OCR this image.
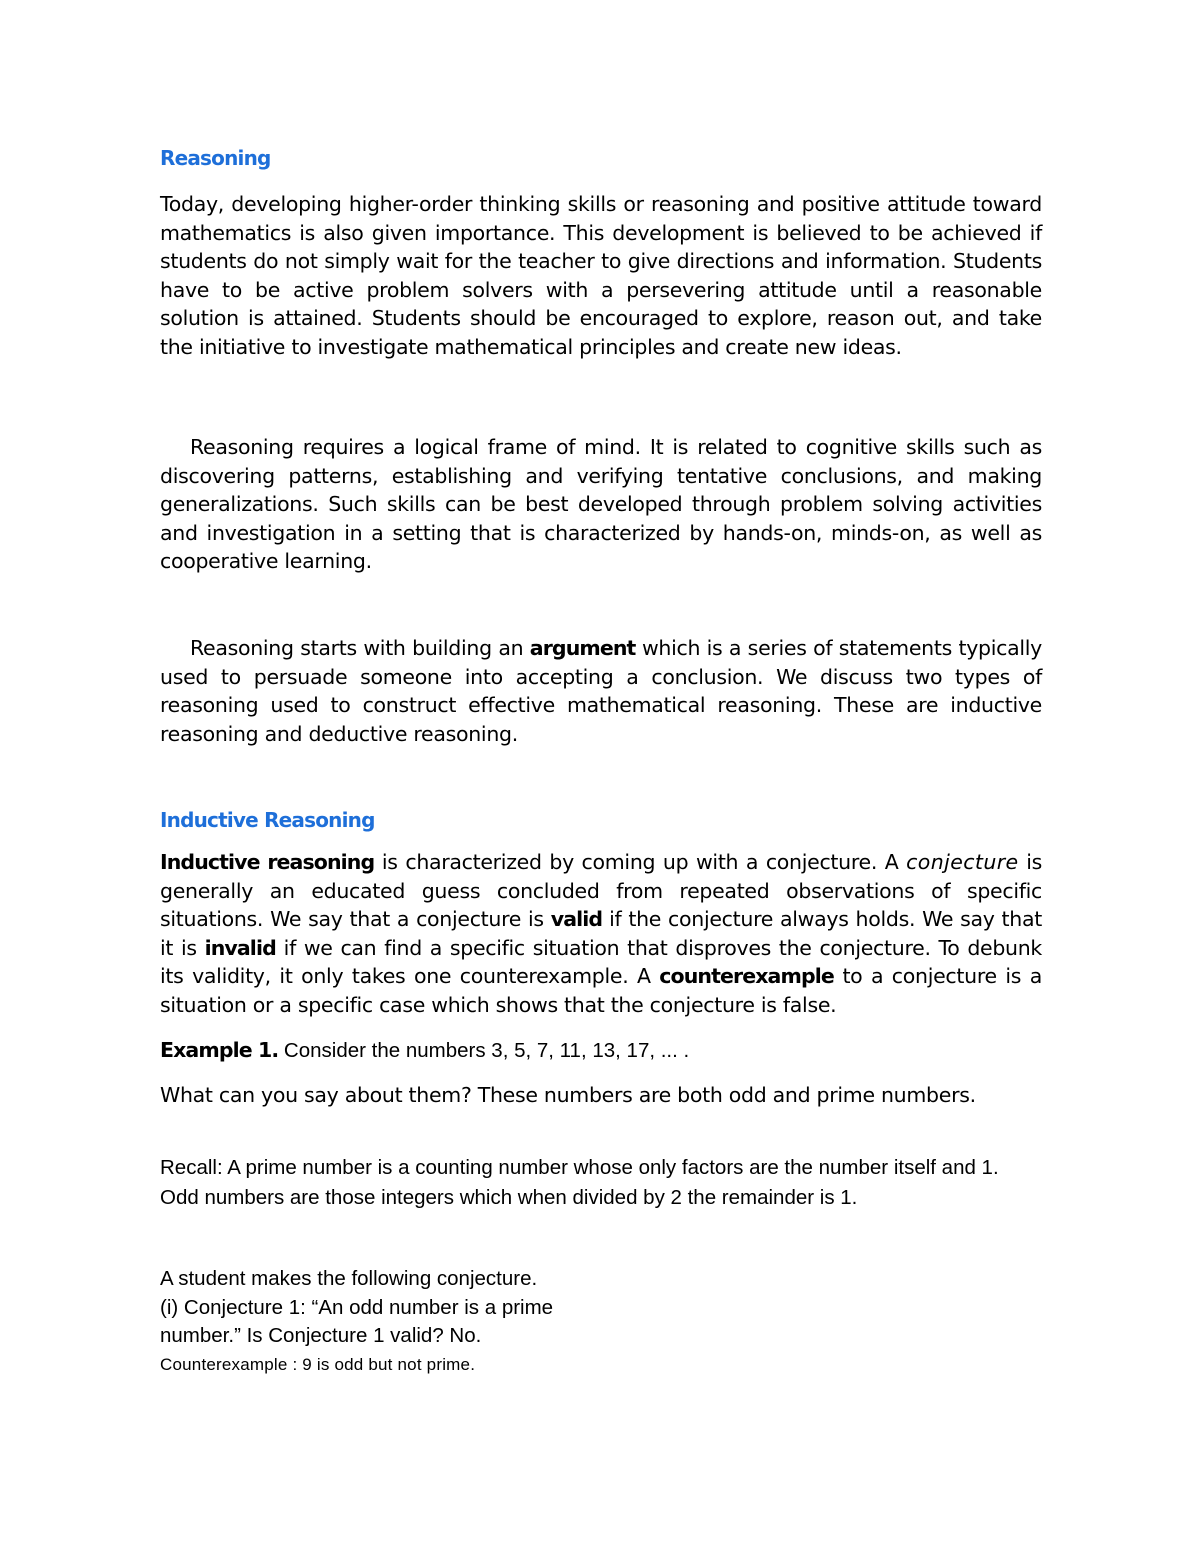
Reasoning
Today, developing higher-order thinking skills or reasoning and positive attitude toward mathematics is also given importance. This development is believed to be achieved if students do not simply wait for the teacher to give directions and information. Students have to be active problem solvers with a persevering attitude until a reasonable solution is attained. Students should be encouraged to explore, reason out, and take the initiative to investigate mathematical principles and create new ideas.
Reasoning requires a logical frame of mind. It is related to cognitive skills such as discovering patterns, establishing and verifying tentative conclusions, and making generalizations. Such skills can be best developed through problem solving activities and investigation in a setting that is characterized by hands-on, minds-on, as well as cooperative learning.
Reasoning starts with building an argument which is a series of statements typically used to persuade someone into accepting a conclusion. We discuss two types of reasoning used to construct effective mathematical reasoning. These are inductive reasoning and deductive reasoning.
Inductive Reasoning
Inductive reasoning is characterized by coming up with a conjecture. A conjecture is generally an educated guess concluded from repeated observations of specific situations. We say that a conjecture is valid if the conjecture always holds. We say that it is invalid if we can find a specific situation that disproves the conjecture. To debunk its validity, it only takes one counterexample. A counterexample to a conjecture is a situation or a specific case which shows that the conjecture is false.
Example 1. Consider the numbers 3, 5, 7, 11, 13, 17, ... .
What can you say about them? These numbers are both odd and prime numbers.
Recall: A prime number is a counting number whose only factors are the number itself and 1. Odd numbers are those integers which when divided by 2 the remainder is 1.
A student makes the following conjecture.
(i) Conjecture 1: “An odd number is a prime
number.” Is Conjecture 1 valid? No.
Counterexample : 9 is odd but not prime.
